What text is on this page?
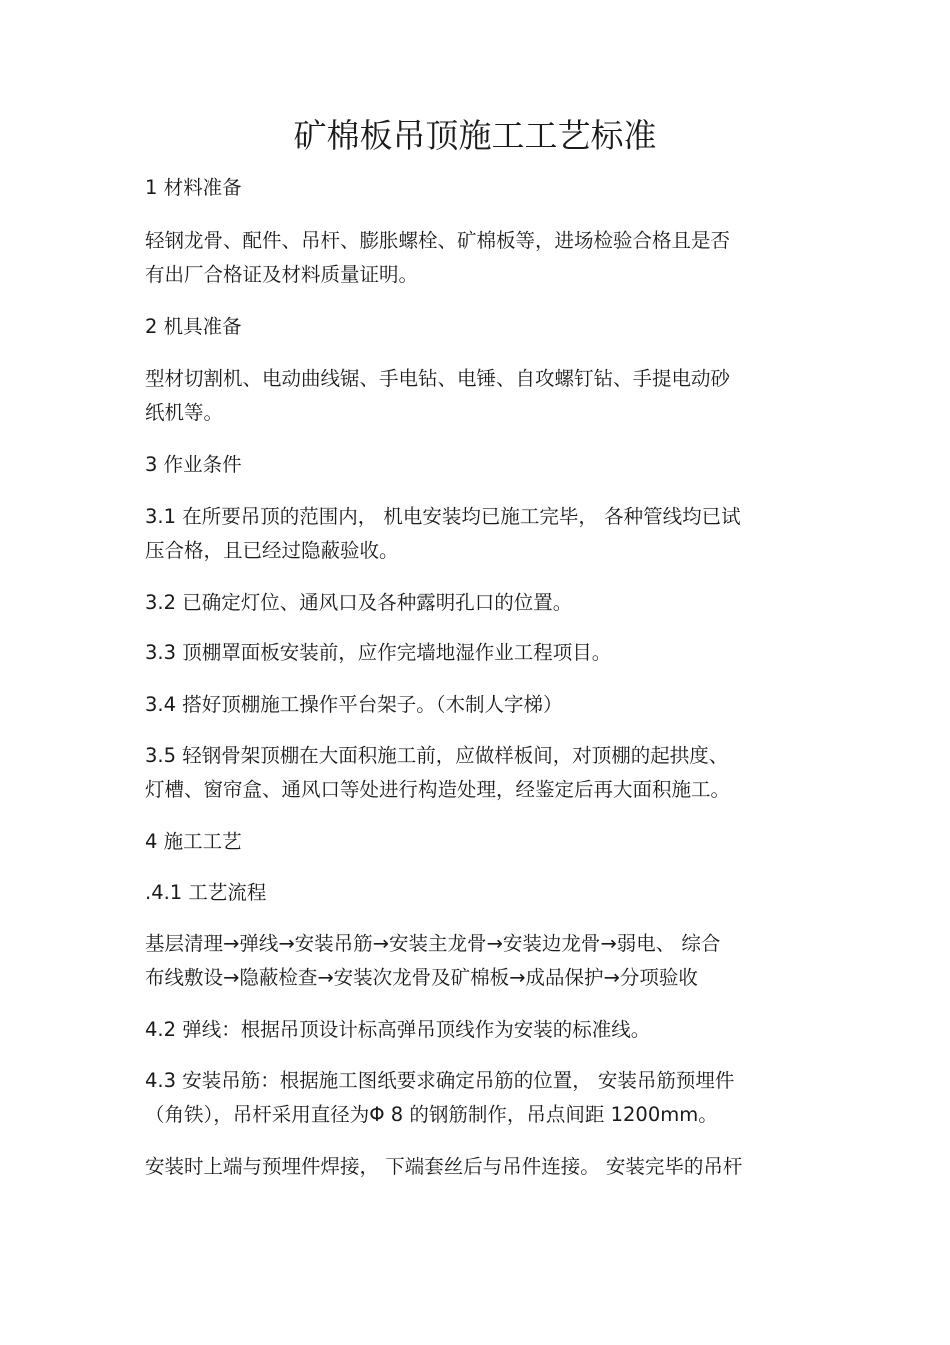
矿棉板吊顶施工工艺标准
1 材料准备
轻钢龙骨、配件、吊杆、膨胀螺栓、矿棉板等，进场检验合格且是否
有出厂合格证及材料质量证明。
2 机具准备
型材切割机、电动曲线锯、手电钻、电锤、自攻螺钉钻、手提电动砂
纸机等。
3 作业条件
3.1 在所要吊顶的范围内， 机电安装均已施工完毕， 各种管线均已试
压合格，且已经过隐蔽验收。
3.2 已确定灯位、通风口及各种露明孔口的位置。
3.3 顶棚罩面板安装前，应作完墙地湿作业工程项目。
3.4 搭好顶棚施工操作平台架子。（木制人字梯）
3.5 轻钢骨架顶棚在大面积施工前，应做样板间，对顶棚的起拱度、
灯槽、窗帘盒、通风口等处进行构造处理，经鉴定后再大面积施工。
4 施工工艺
.4.1 工艺流程
基层清理→弹线→安装吊筋→安装主龙骨→安装边龙骨→弱电、 综合
布线敷设→隐蔽检查→安装次龙骨及矿棉板→成品保护→分项验收
4.2 弹线：根据吊顶设计标高弹吊顶线作为安装的标准线。
4.3 安装吊筋：根据施工图纸要求确定吊筋的位置， 安装吊筋预埋件
（角铁），吊杆采用直径为Φ 8 的钢筋制作，吊点间距 1200mm。
安装时上端与预埋件焊接， 下端套丝后与吊件连接。 安装完毕的吊杆
